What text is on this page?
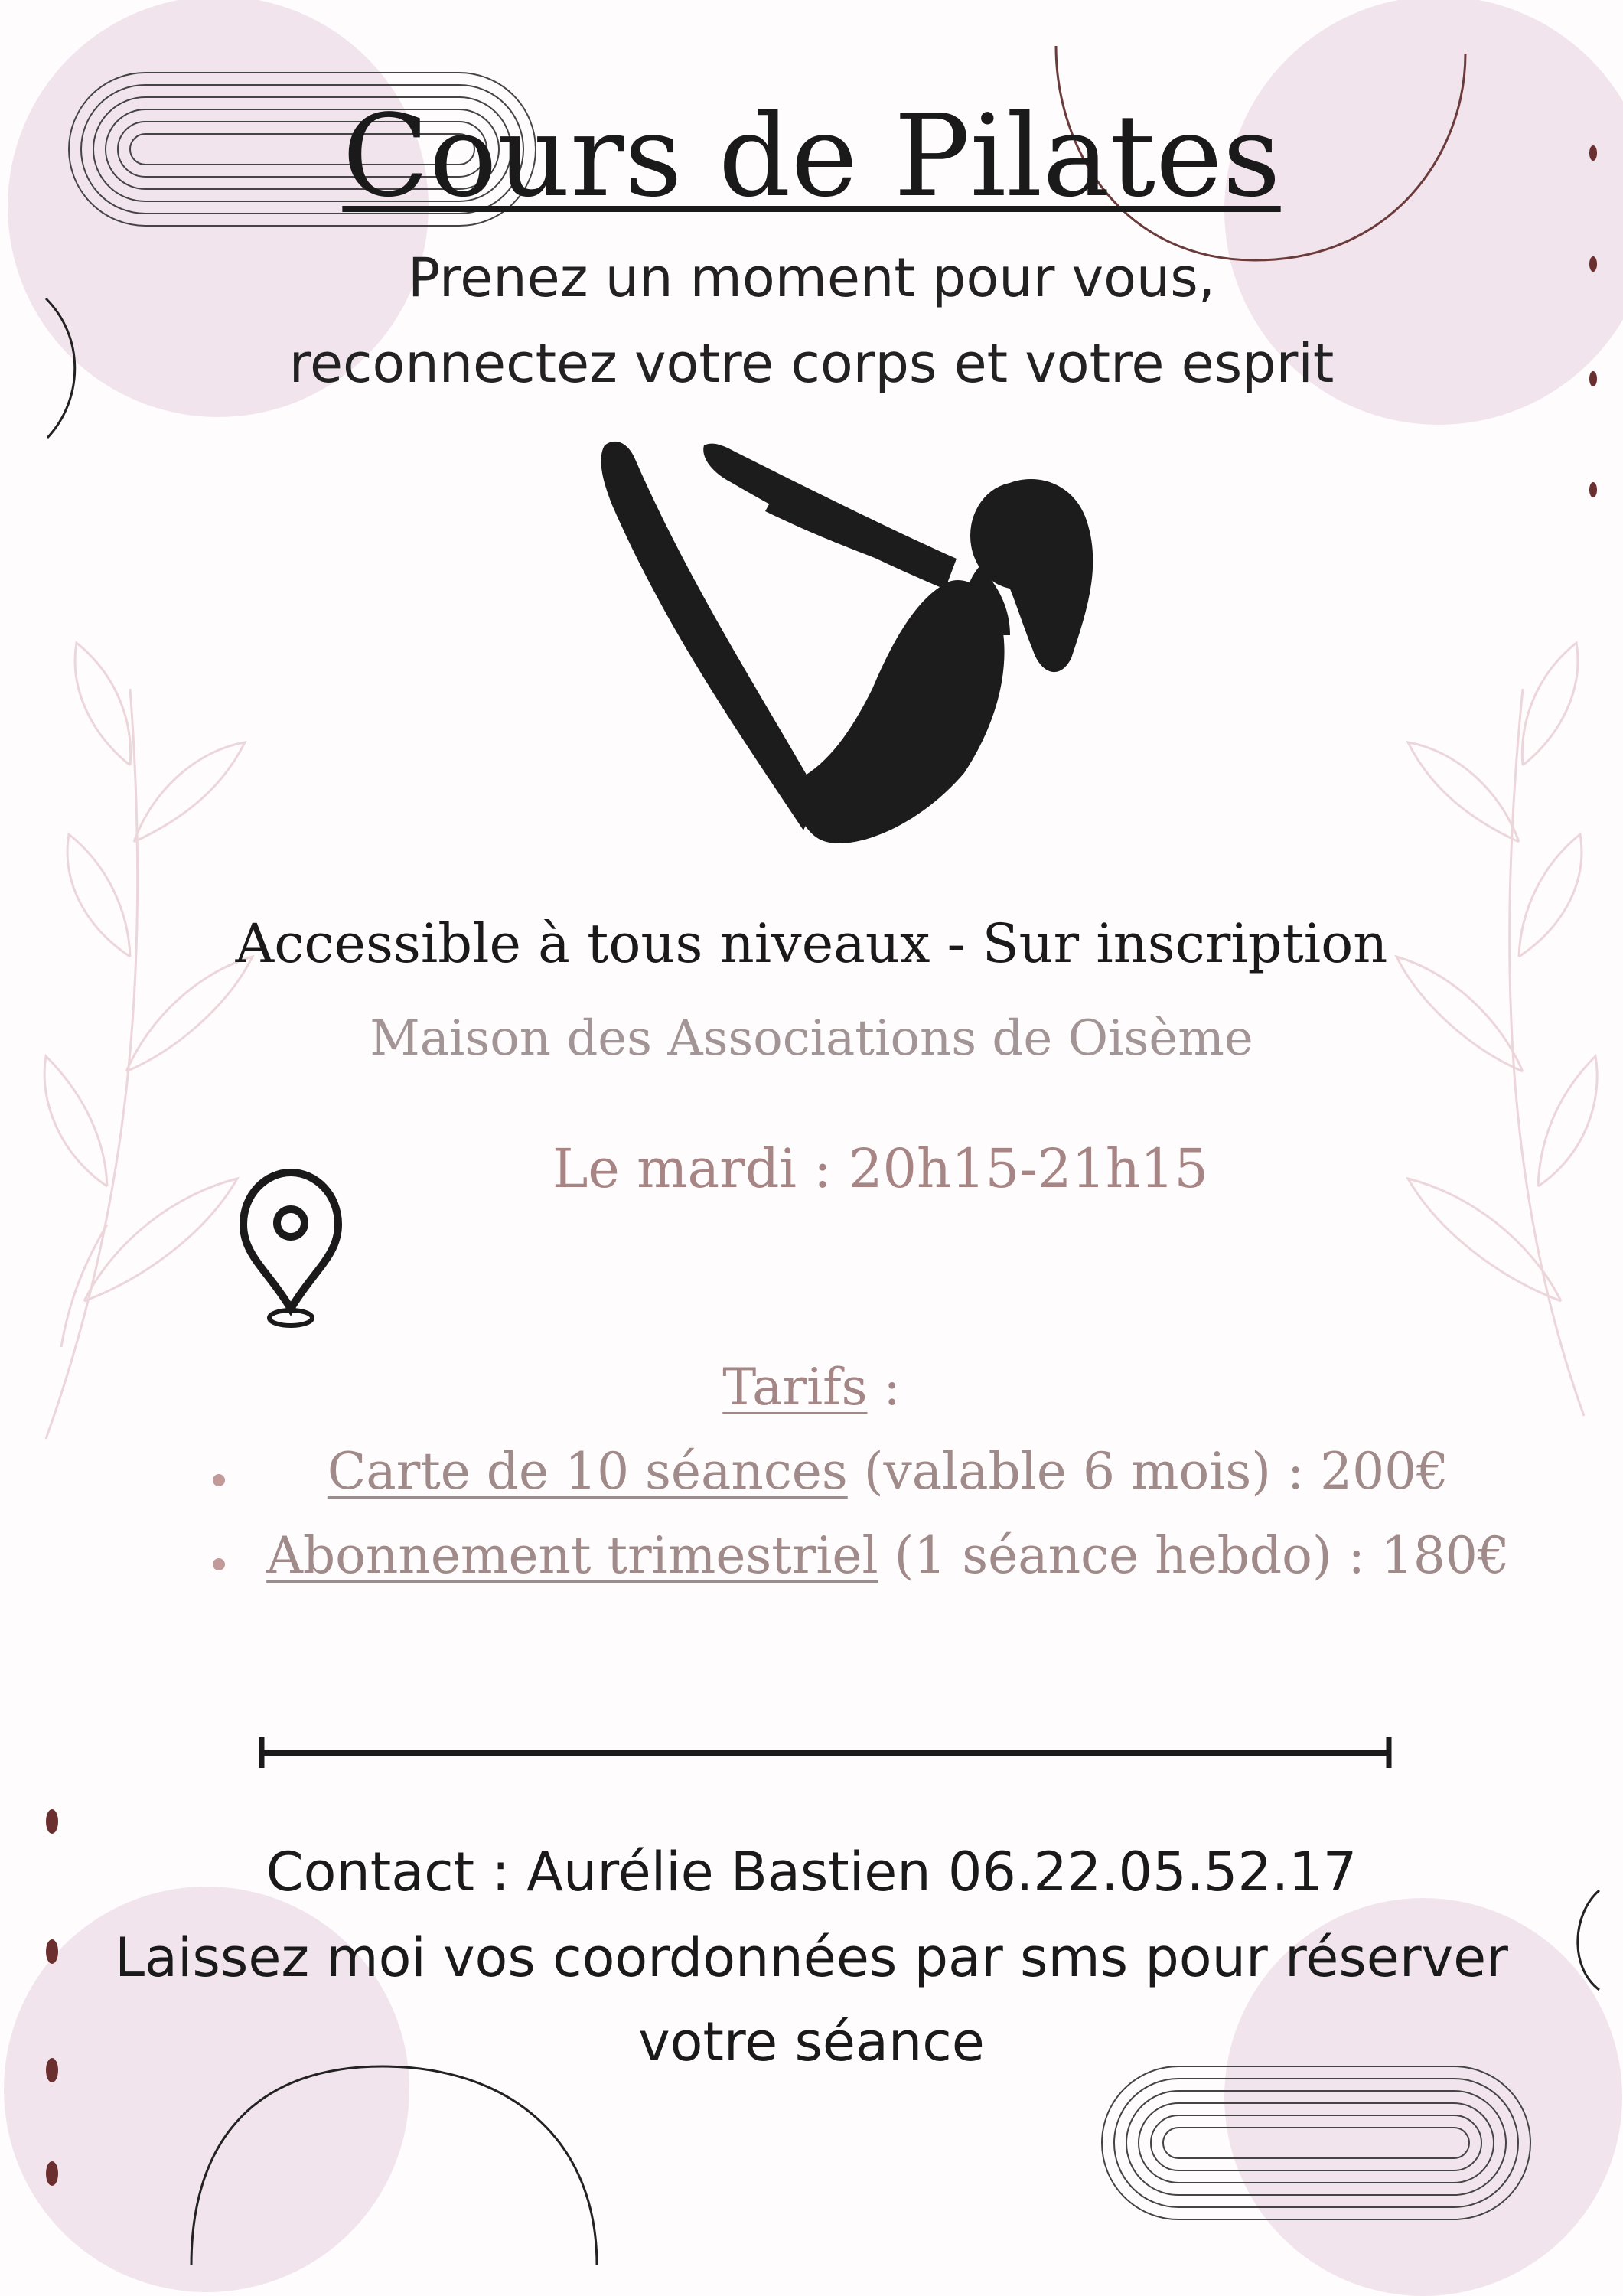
Cours de Pilates
Prenez un moment pour vous,
reconnectez votre corps et votre esprit
Accessible à tous niveaux - Sur inscription
Maison des Associations de Oisème
Le mardi : 20h15-21h15
Tarifs :
Carte de 10 séances (valable 6 mois) : 200€
Abonnement trimestriel (1 séance hebdo) : 180€
Contact : Aurélie Bastien 06.22.05.52.17
Laissez moi vos coordonnées par sms pour réserver
votre séance
